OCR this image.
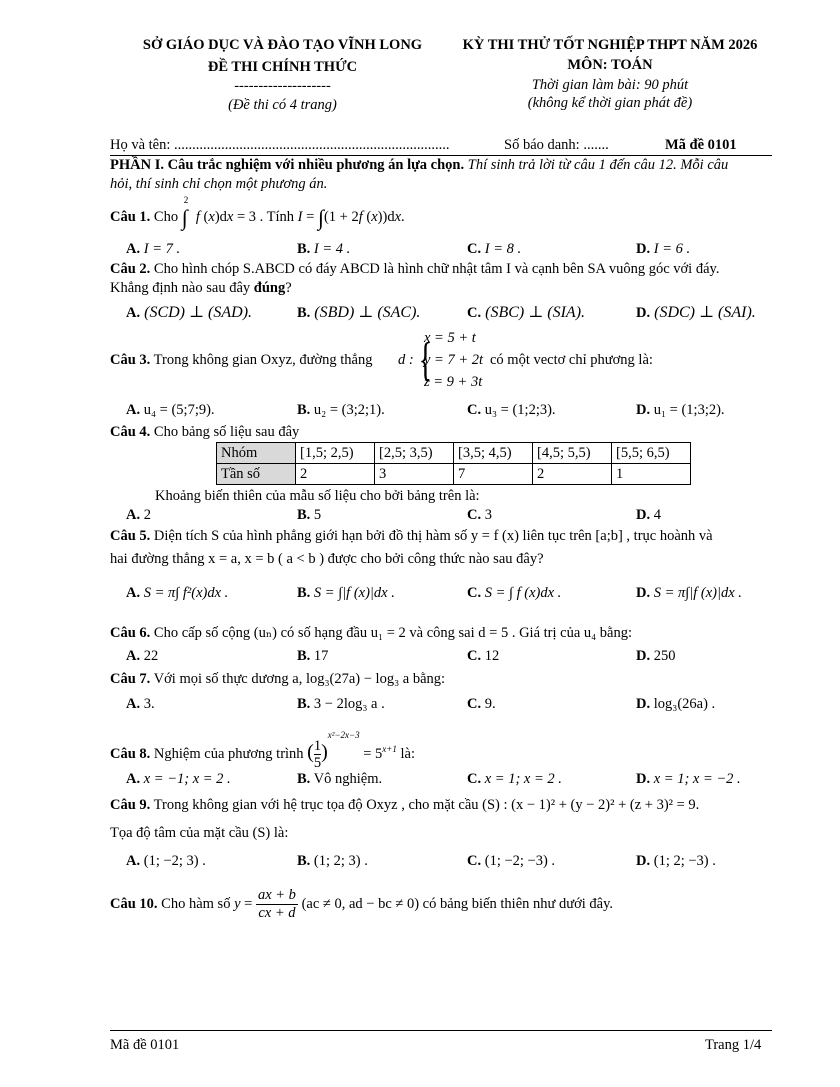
SỞ GIÁO DỤC VÀ ĐÀO TẠO VĨNH LONG
ĐỀ THI CHÍNH THỨC
--------------------
(Đề thi có 4 trang)
KỲ THI THỬ TỐT NGHIỆP THPT NĂM 2026
MÔN: TOÁN
Thời gian làm bài: 90 phút
(không kể thời gian phát đề)
Họ và tên: ............................................................................	Số báo danh: .......	Mã đề 0101
PHẦN I. Câu trắc nghiệm với nhiều phương án lựa chọn. Thí sinh trả lời từ câu 1 đến câu 12. Mỗi câu
hỏi, thí sinh chỉ chọn một phương án.
Câu 1. Cho ∫$^2$ f (x)dx = 3 . Tính I = ∫(1 + 2f (x))dx.
A. I = 7 .	B. I = 4 .	C. I = 8 .	D. I = 6 .
Câu 2. Cho hình chóp S.ABCD có đáy ABCD là hình chữ nhật tâm I và cạnh bên SA vuông góc với đáy.
Khẳng định nào sau đây đúng?
A. (SCD) ⊥ (SAD).	B. (SBD) ⊥ (SAC).	C. (SBC) ⊥ (SIA).	D. (SDC) ⊥ (SAI).
Câu 3. Trong không gian Oxyz, đường thẳng d : {
x = 5 + t
y = 7 + 2t
z = 9 + 3t
có một vectơ chỉ phương là:
A. u₄ = (5;7;9).	B. u₂ = (3;2;1).	C. u₃ = (1;2;3).	D. u₁ = (1;3;2).
Câu 4. Cho bảng số liệu sau đây
Nhóm	[1,5; 2,5)	[2,5; 3,5)	[3,5; 4,5)	[4,5; 5,5)	[5,5; 6,5)
Tần số	2	3	7	2	1
Khoảng biến thiên của mẫu số liệu cho bởi bảng trên là:
A. 2	B. 5	C. 3	D. 4
Câu 5. Diện tích S của hình phẳng giới hạn bởi đồ thị hàm số y = f (x) liên tục trên [a;b] , trục hoành và
hai đường thẳng x = a, x = b ( a < b ) được cho bởi công thức nào sau đây?
A. S = π∫ f²(x)dx .	B. S = ∫|f (x)|dx .	C. S = ∫ f (x)dx .	D. S = π∫|f (x)|dx .
Câu 6. Cho cấp số cộng (uₙ) có số hạng đầu u₁ = 2 và công sai d = 5 . Giá trị của u₄ bằng:
A. 22	B. 17	C. 12	D. 250
Câu 7. Với mọi số thực dương a, log₃(27a) − log₃ a bằng:
A. 3.	B. 3 − 2log₃ a .	C. 9.	D. log₃(26a) .
Câu 8. Nghiệm của phương trình ( $\frac{1}{5} )^{x^2-2x-3} = 5^{x+1}$ là:
A. x = −1; x = 2 .	B. Vô nghiệm.	C. x = 1; x = 2 .	D. x = 1; x = −2 .
Câu 9. Trong không gian với hệ trục tọa độ Oxyz , cho mặt cầu (S) : (x − 1)² + (y − 2)² + (z + 3)² = 9.
Tọa độ tâm của mặt cầu (S) là:
A. (1; −2; 3) .	B. (1; 2; 3) .	C. (1; −2; −3) .	D. (1; 2; −3) .
Câu 10. Cho hàm số $y = \frac{ax + b}{cx + d} (ac \ne 0$, ad − bc ≠ 0) có bảng biến thiên như dưới đây.
Mã đề 0101	Trang 1/4
